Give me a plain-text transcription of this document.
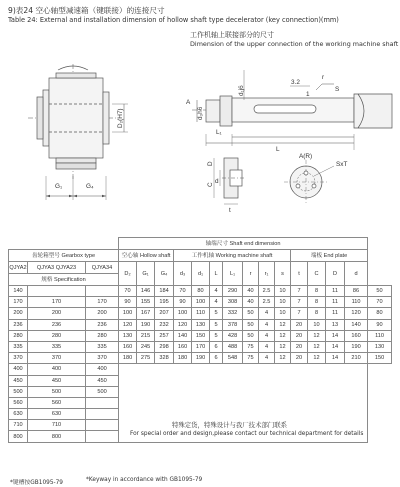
9)表24 空心轴型减速箱（键联接）的连接尺寸
Table 24: External and installation dimension of hollow shaft type decelerator (key connection)(mm)
工作机轴上联接部分的尺寸
Dimension of the upper connection of the working machine shaft
G₁	G₄
D₂(H7)
A
d₃h6
d₁j6
L₁
L
r
S
3.2
1
A(R)
SxT
D
C d
t
			轴端尺寸 Shaft end dimension														
齿轮箱型号 Gearbox type			空心轴 Hollow shaft			工作机轴 Working machine shaft							端板 End plate				
QJYA2	QJYA3 QJYA23	QJYA34	D₂	G₁	G₄	d₃	d₁	L	L₁	r	r₁	s	t	C	D	d	
规格 Specification																	
140			70	146	184	70	80	4	290	40	2.5	10	7	8	11	86	50
170	170	170	90	155	195	90	100	4	308	40	2.5	10	7	8	11	110	70
200	200	200	100	167	207	100	110	5	332	50	4	10	7	8	11	120	80
236	236	236	120	190	232	120	130	5	378	50	4	12	20	10	13	140	90
280	280	280	130	215	257	140	150	5	428	50	4	12	20	12	14	160	110
335	335	335	160	245	298	160	170	6	488	75	4	12	20	12	14	190	130
370	370	370	180	275	328	180	190	6	548	75	4	12	20	12	14	210	150
400	400	400															
450	450	450															
500	500	500															
560	560																
630	630																
710	710																
800	800																
特殊定货，特殊设计与我厂技术部门联系
For special order and design,please contact our technical department for details
*键槽按GB1095-79	*Keyway in accordance with GB1095-79
